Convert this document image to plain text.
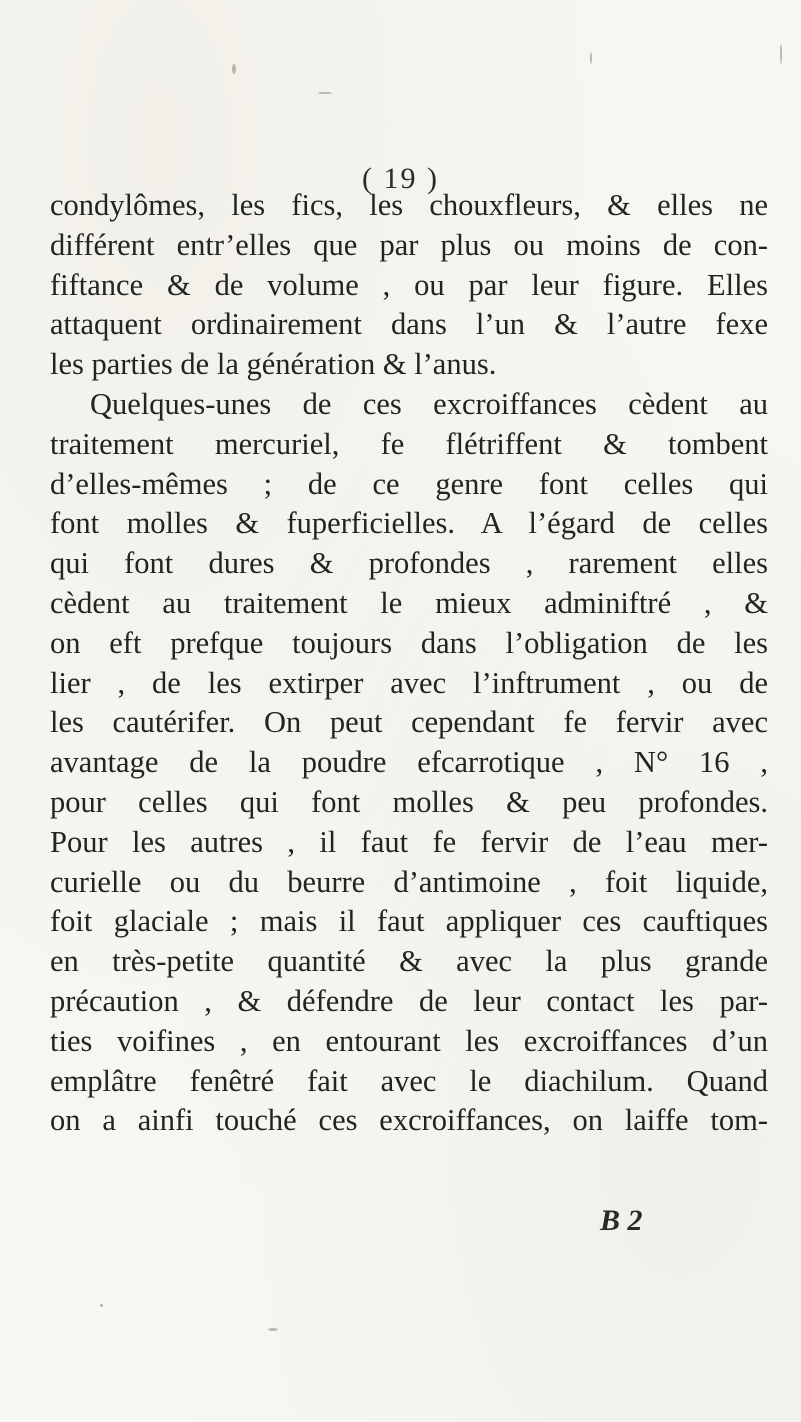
( 19 )
condylômes, les fics, les chouxfleurs, & elles ne
différent entr’elles que par plus ou moins de con-
fiftance & de volume , ou par leur figure. Elles
attaquent ordinairement dans l’un & l’autre fexe
les parties de la génération & l’anus.
Quelques-unes de ces excroiffances cèdent au
traitement mercuriel, fe flétriffent & tombent
d’elles-mêmes ; de ce genre font celles qui
font molles & fuperficielles. A l’égard de celles
qui font dures & profondes , rarement elles
cèdent au traitement le mieux adminiftré , &
on eft prefque toujours dans l’obligation de les
lier , de les extirper avec l’inftrument , ou de
les cautérifer. On peut cependant fe fervir avec
avantage de la poudre efcarrotique , N° 16 ,
pour celles qui font molles & peu profondes.
Pour les autres , il faut fe fervir de l’eau mer-
curielle ou du beurre d’antimoine , foit liquide,
foit glaciale ; mais il faut appliquer ces cauftiques
en très-petite quantité & avec la plus grande
précaution , & défendre de leur contact les par-
ties voifines , en entourant les excroiffances d’un
emplâtre fenêtré fait avec le diachilum. Quand
on a ainfi touché ces excroiffances, on laiffe tom-
B 2
